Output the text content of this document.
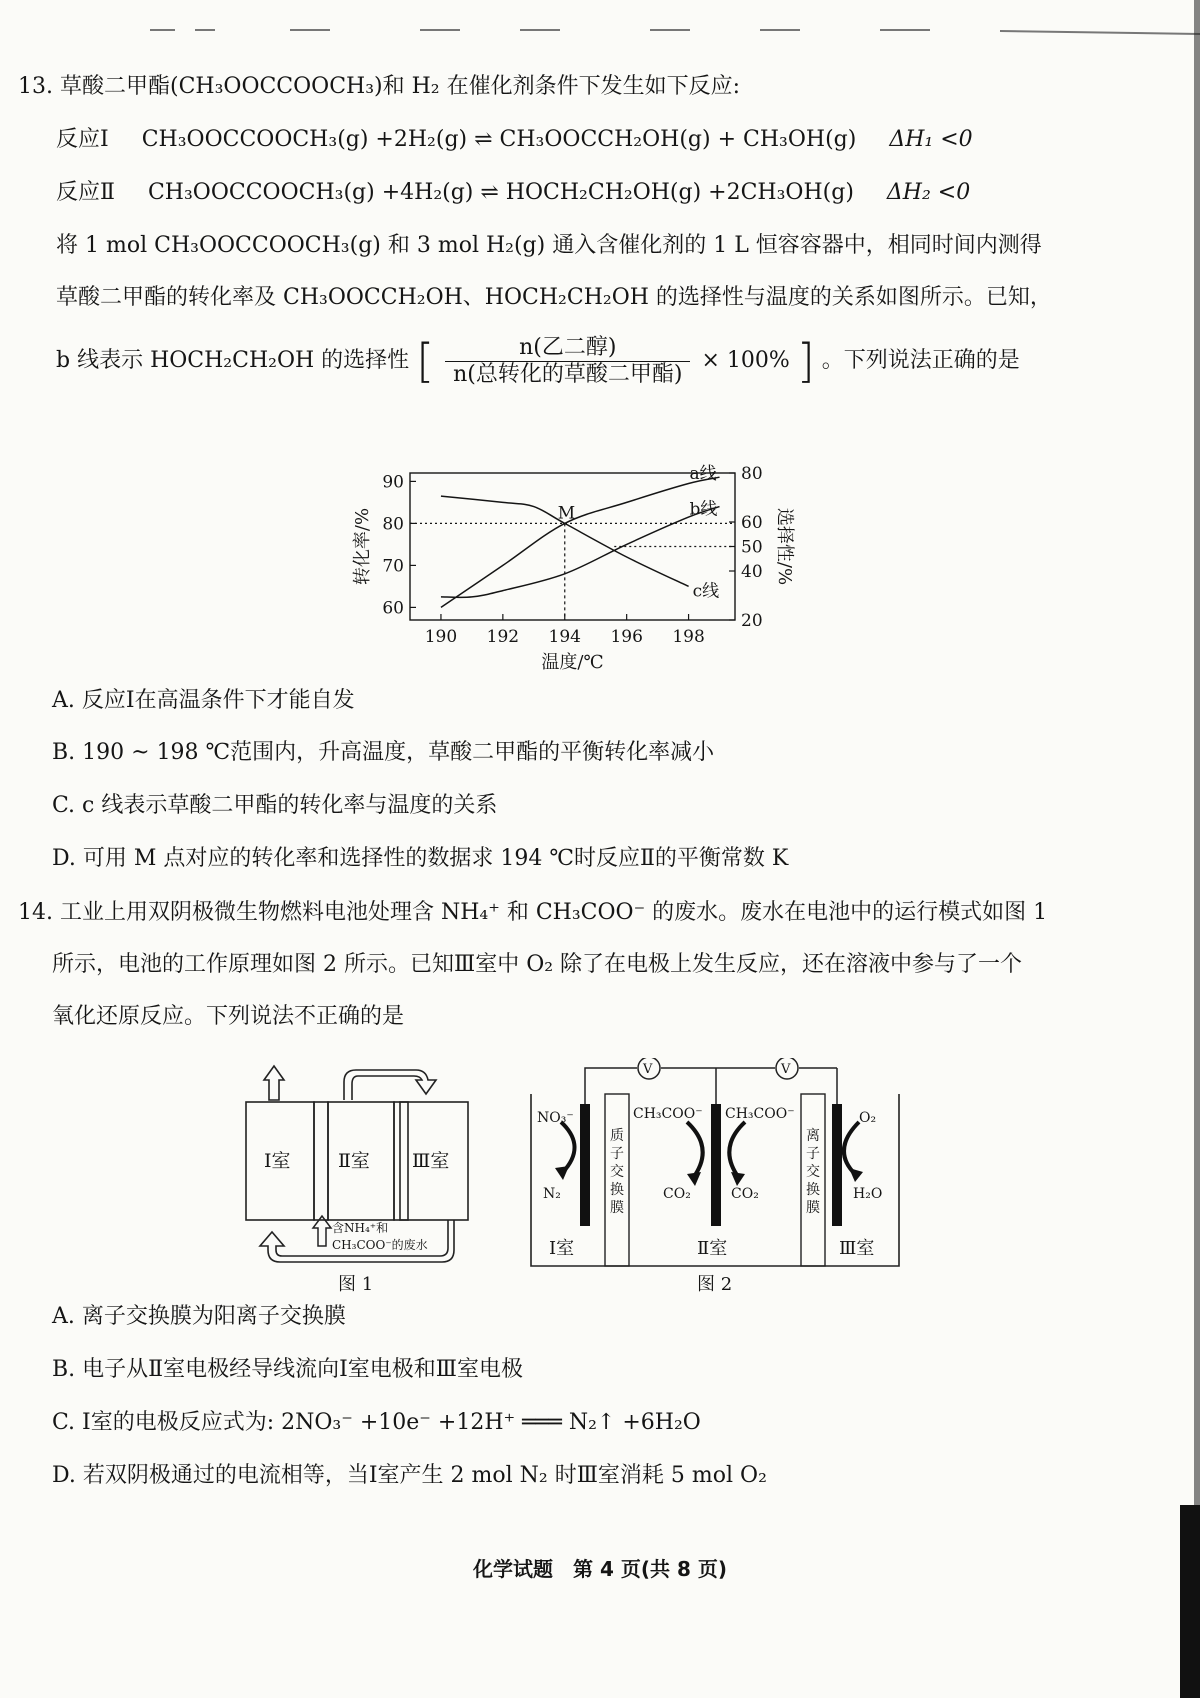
13. 草酸二甲酯(CH₃OOCCOOCH₃)和 H₂ 在催化剂条件下发生如下反应:
反应Ⅰ CH₃OOCCOOCH₃(g) +2H₂(g) ⇌ CH₃OOCCH₂OH(g) + CH₃OH(g) ΔH₁ <0
反应Ⅱ CH₃OOCCOOCH₃(g) +4H₂(g) ⇌ HOCH₂CH₂OH(g) +2CH₃OH(g) ΔH₂ <0
将 1 mol CH₃OOCCOOCH₃(g) 和 3 mol H₂(g) 通入含催化剂的 1 L 恒容容器中，相同时间内测得
草酸二甲酯的转化率及 CH₃OOCCH₂OH、HOCH₂CH₂OH 的选择性与温度的关系如图所示。已知，
b 线表示 HOCH₂CH₂OH 的选择性 [ $\frac{\text{n(乙二醇)}}{\text{n(总转化的草酸二甲酯)}} \times 100\%$ ] 。下列说法正确的是
190 192 194 196 198
60
70
80
90
20
40
50
60
80
温度/℃
转化率/%	选择性/%
a线
b线
c线
M
A. 反应Ⅰ在高温条件下才能自发
B. 190 ~ 198 ℃范围内，升高温度，草酸二甲酯的平衡转化率减小
C. c 线表示草酸二甲酯的转化率与温度的关系
D. 可用 M 点对应的转化率和选择性的数据求 194 ℃时反应Ⅱ的平衡常数 K
14. 工业上用双阴极微生物燃料电池处理含 NH₄⁺ 和 CH₃COO⁻ 的废水。废水在电池中的运行模式如图 1
所示，电池的工作原理如图 2 所示。已知Ⅲ室中 O₂ 除了在电极上发生反应，还在溶液中参与了一个
氧化还原反应。下列说法不正确的是
Ⅰ室 Ⅱ室 Ⅲ室
含NH₄⁺和
CH₃COO⁻的废水
图 1
V	V
质
子
交
换
膜
离
子
交
换
膜
NO₃⁻
N₂
CH₃COO⁻ CH₃COO⁻
CO₂	CO₂
O₂
H₂O
Ⅰ室	Ⅱ室	Ⅲ室
图 2
A. 离子交换膜为阳离子交换膜
B. 电子从Ⅱ室电极经导线流向Ⅰ室电极和Ⅲ室电极
C. Ⅰ室的电极反应式为: 2NO₃⁻ +10e⁻ +12H⁺ ═══ N₂↑ +6H₂O
D. 若双阴极通过的电流相等，当Ⅰ室产生 2 mol N₂ 时Ⅲ室消耗 5 mol O₂
化学试题　第 4 页(共 8 页)
